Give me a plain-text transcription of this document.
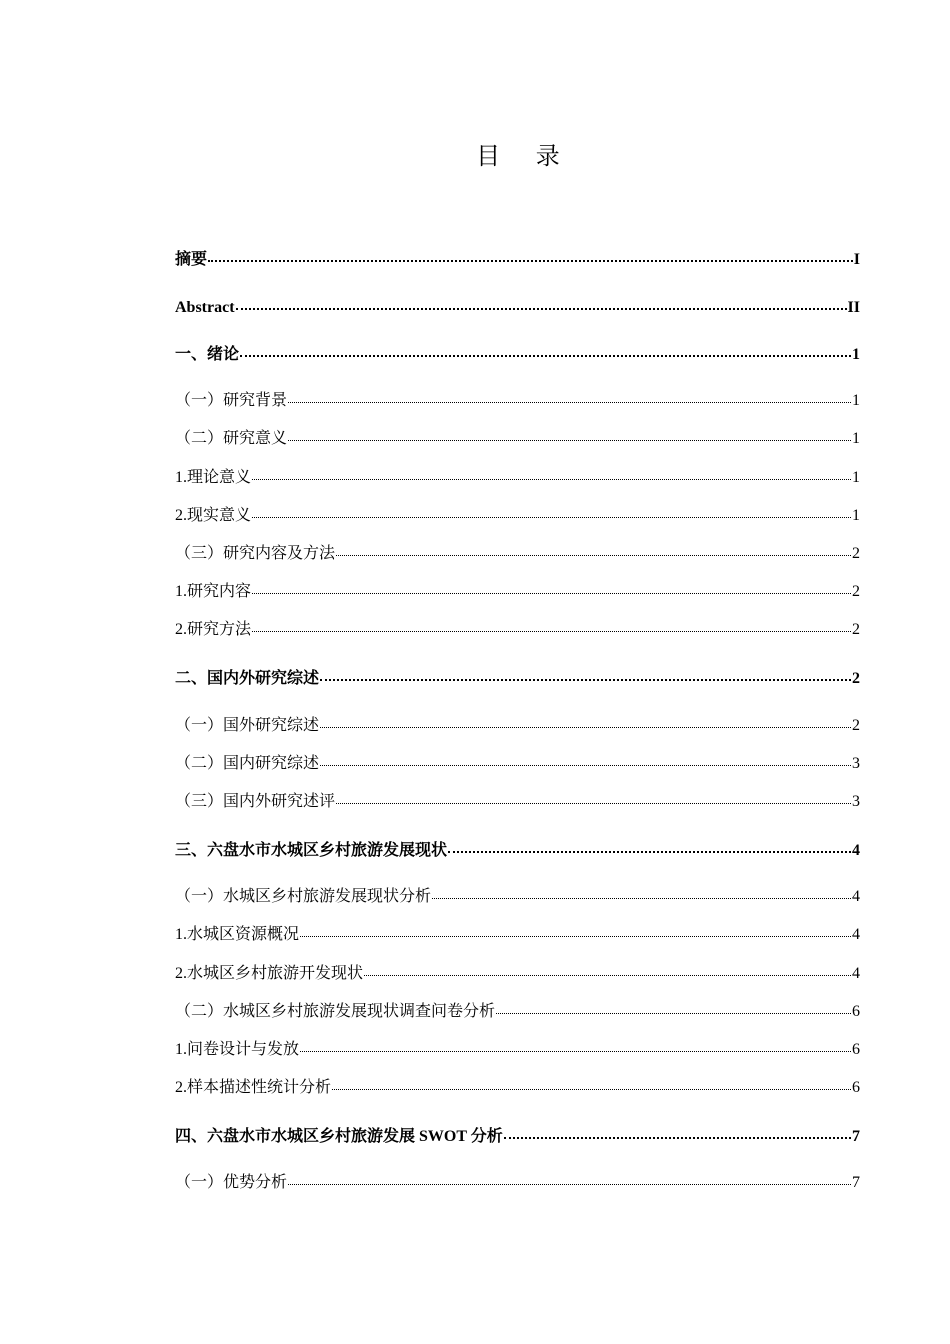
目 录
摘要	I
Abstract	II
一、绪论	1
（一）研究背景	1
（二）研究意义	1
1.理论意义	1
2.现实意义	1
（三）研究内容及方法	2
1.研究内容	2
2.研究方法	2
二、国内外研究综述	2
（一）国外研究综述	2
（二）国内研究综述	3
（三）国内外研究述评	3
三、六盘水市水城区乡村旅游发展现状	4
（一）水城区乡村旅游发展现状分析	4
1.水城区资源概况	4
2.水城区乡村旅游开发现状	4
（二）水城区乡村旅游发展现状调查问卷分析	6
1.问卷设计与发放	6
2.样本描述性统计分析	6
四、六盘水市水城区乡村旅游发展 SWOT 分析	7
（一）优势分析	7
